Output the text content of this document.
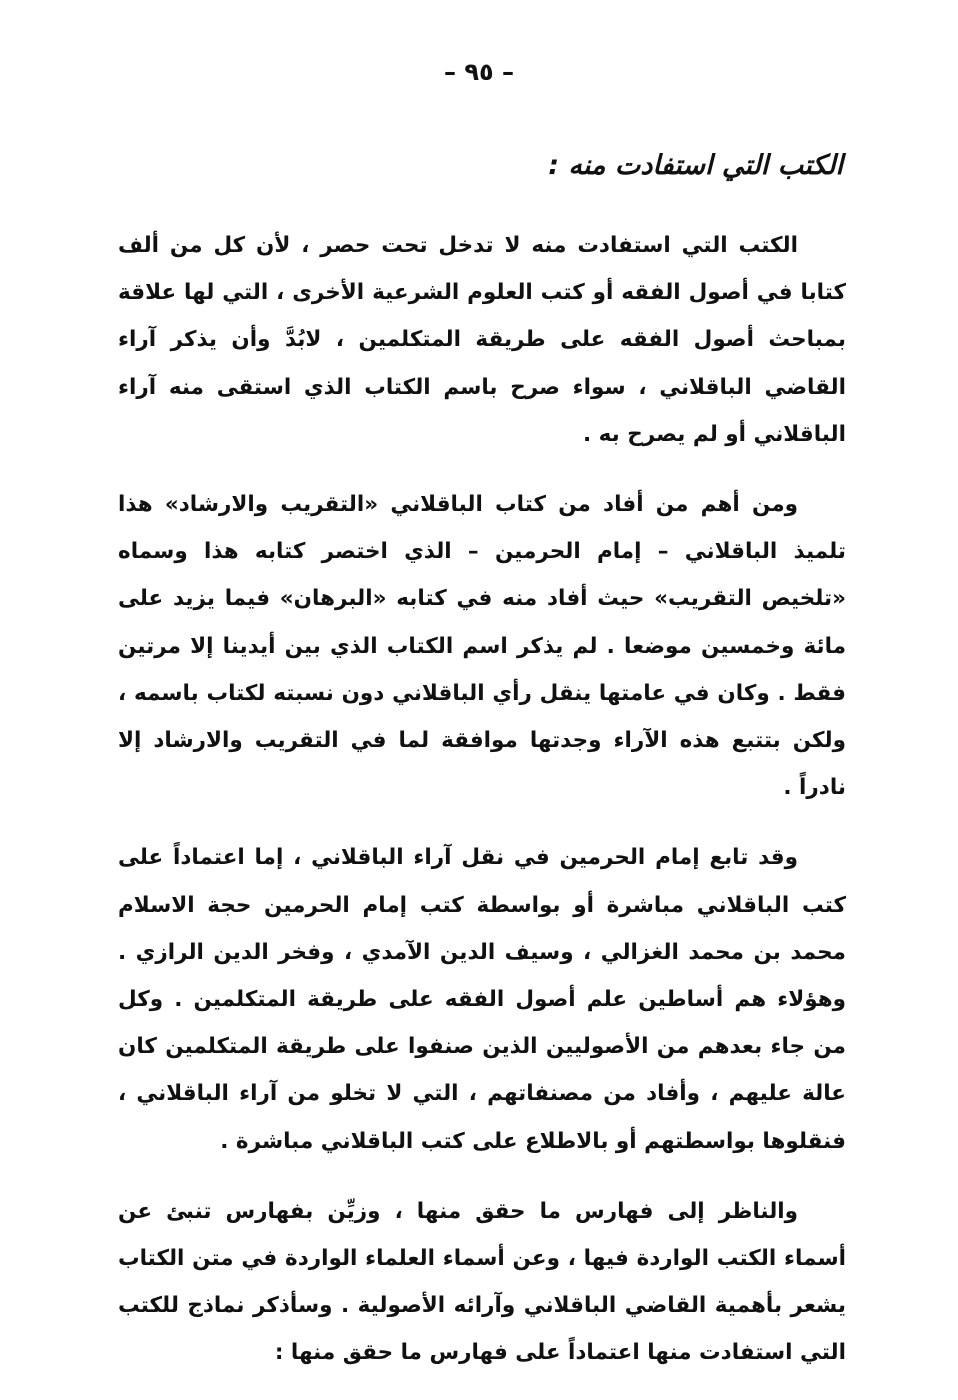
– ٩٥ –
الكتب التي استفادت منه :

الكتب التي استفادت منه لا تدخل تحت حصر ، لأن كل من ألف كتابا في أصول الفقه أو كتب العلوم الشرعية الأخرى ، التي لها علاقة بمباحث أصول الفقه على طريقة المتكلمين ، لابُدَّ وأن يذكر آراء القاضي الباقلاني ، سواء صرح باسم الكتاب الذي استقى منه آراء الباقلاني أو لم يصرح به .

ومن أهم من أفاد من كتاب الباقلاني «التقريب والارشاد» هذا تلميذ الباقلاني – إمام الحرمين – الذي اختصر كتابه هذا وسماه «تلخيص التقريب» حيث أفاد منه في كتابه «البرهان» فيما يزيد على مائة وخمسين موضعا . لم يذكر اسم الكتاب الذي بين أيدينا إلا مرتين فقط . وكان في عامتها ينقل رأي الباقلاني دون نسبته لكتاب باسمه ، ولكن بتتبع هذه الآراء وجدتها موافقة لما في التقريب والارشاد إلا نادراً .

وقد تابع إمام الحرمين في نقل آراء الباقلاني ، إما اعتماداً على كتب الباقلاني مباشرة أو بواسطة كتب إمام الحرمين حجة الاسلام محمد بن محمد الغزالي ، وسيف الدين الآمدي ، وفخر الدين الرازي . وهؤلاء هم أساطين علم أصول الفقه على طريقة المتكلمين . وكل من جاء بعدهم من الأصوليين الذين صنفوا على طريقة المتكلمين كان عالة عليهم ، وأفاد من مصنفاتهم ، التي لا تخلو من آراء الباقلاني ، فنقلوها بواسطتهم أو بالاطلاع على كتب الباقلاني مباشرة .

والناظر إلى فهارس ما حقق منها ، وزيِّن بفهارس تنبئ عن أسماء الكتب الواردة فيها ، وعن أسماء العلماء الواردة في متن الكتاب يشعر بأهمية القاضي الباقلاني وآرائه الأصولية . وسأذكر نماذج للكتب التي استفادت منها اعتماداً على فهارس ما حقق منها :
